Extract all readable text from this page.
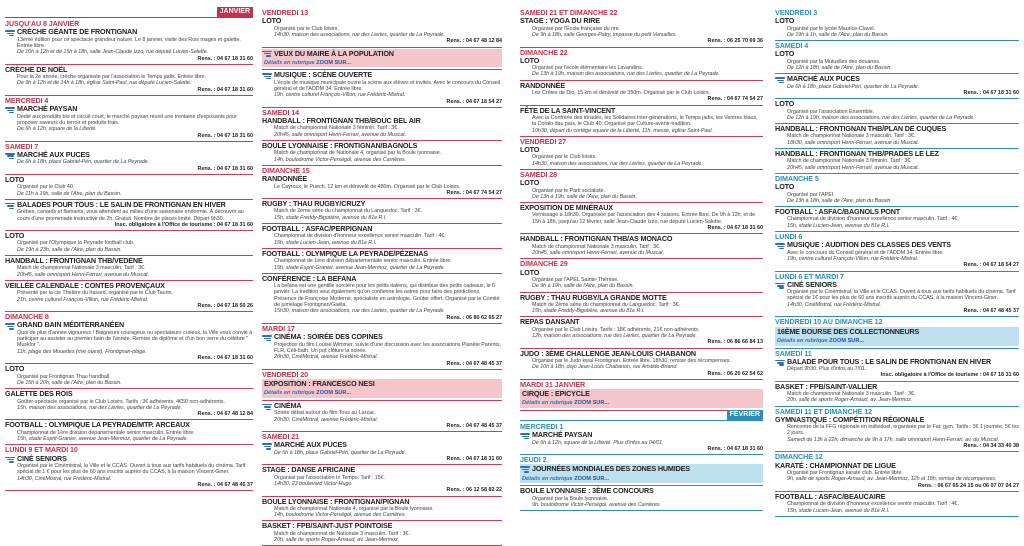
JANVIER
JUSQU'AU 8 JANVIER
CRÈCHE GÉANTE DE FRONTIGNAN
13ème édition pour ce spectacle grandeur nature. Le 8 janvier, visite des Rois mages et galette. Entrée libre.
De 10h à 12h et de 15h à 18h, salle Jean-Claude Izzo, rue député Lucien-Salette.
Rens. : 04 67 18 31 60
CRÈCHE DE NOËL
Pour la 2e année, crèche organisée par l'association le Temps jadis. Entrée libre.
De 9h à 12h et de 14h à 18h, église Saint-Paul, rue député Lucien-Salette.
Rens. : 04 67 18 31 60
MERCREDI 4
MARCHÉ PAYSAN
Dédié aux produits bio et circuit court, le marché paysan réunit une trentaine d'exposants pour proposer saveurs du terroir et produits frais.
De 6h à 12h, square de la Liberté.
Rens. : 04 67 18 31 60
SAMEDI 7
MARCHÉ AUX PUCES
De 6h à 18h, place Gabriel-Péri, quartier de La Peyrade.
Rens. : 04 67 18 31 60
LOTO
Organisé par le Club 40.
De 11h à 19h, salle de l'Aire, plan du Bassin.
BALADES POUR TOUS : LE SALIN DE FRONTIGNAN EN HIVER
Grèbes, canards et flamants, vous attendent au milieu d'une saisonaire endormie. À découvrir au cours d'une promenade instructive de 2h. Gratuit. Nombre de places limité. Départ 9h30.
Insc. obligatoire à l'Office de tourisme : 04 67 18 31 60
LOTO
Organisé par l'Olympique la Peyrade football club.
De 19h à 23h, salle de l'Aire, plan du Bassin.
HANDBALL : FRONTIGNAN THB/VEDENE
Match de championnat Nationale 3 masculin. Tarif : 3€.
20h45, salle omnisport Henri-Ferrari, avenue du Muscat.
VEILLÉE CALENDALE : CONTES PROVENÇAUX
Présenté par la cie Théâtre du hasard, organisé par le Club Taurin.
21h, centre culturel François-Villon, rue Frédéric-Mistral.
Rens. : 04 67 18 50 26
DIMANCHE 8
GRAND BAIN MÉDITERRANÉEN
Quoi de plus d'année vigoureux ! Baigneurs courageux ou spectateurs curieux, la Ville vous convie à participer au assister au premier bain de l'année. Remise de diplôme et d'un bon verre du célèbre " Musklor ".
11h, plage des Mouettes (rive ouest), Frontignan-plage.
Rens. : 04 67 18 31 60
LOTO
Organisé par Frontignan Thau handball.
De 15h à 20h, salle de l'Aire, plan du Bassin.
GALETTE DES ROIS
Goûter-spectacle organisé par le Club Loisirs. Tarifs : 3€ adhérents, 4€50 non-adhérents.
15h, maison des associations, rue des Lierles, quartier de La Peyrade.
Rens. : 04 67 48 12 84
FOOTBALL : OLYMPIQUE LA PEYRADE/MTP. ARCEAUX
Championnat de 1ère division départementale senior masculin. Entrée libre.
15h, stade Esprit-Granier, avenue Jean-Mermoz, quartier de La Peyrade.
LUNDI 9 ET MARDI 10
CINÉ SENIORS
Organisé par le Cinémistral, la Ville et le CCAS. Ouvert à tous aux tarifs habituels du cinéma. Tarif spécial de 1 € pour les plus de 60 ans inscrits auprès du CCAS, à la maison Vincent-Giner.
14h30, CinéMistral, rue Frédéric-Mistral.
Rens. : 04 67 48 45 37
VENDREDI 13
LOTO
Organisé par le Club loisirs.
14h30, maison des associations, rue des Lierles, quartier de La Peyrade.
Rens. : 04 67 48 12 84
VEUX DU MAIRE À LA POPULATION
Détails en rubrique ZOOM SUR...
MUSIQUE : SCÈNE OUVERTE
L'école de musique municipale ouvre la scène aux élèves et invités. Avec le concours du Conseil général et de l'ADDM 34. Entrée libre.
19h, centre culturel François-Villon, rue Frédéric-Mistral.
Rens. : 04 67 18 54 27
SAMEDI 14
HANDBALL : FRONTIGNAN THB/BOUC BEL AIR
Match de championnat Nationale 3 féminin. Tarif : 3€.
20h45, salle omnisport Henri-Ferrari, avenue du Muscat.
BOULE LYONNAISE : FRONTIGNAN/BAGNOLS
Match de championnat de Nationale 4, organisé par la Boule lyonnaise.
14h, boulodrome Victor-Perségol, avenue des Carrières.
DIMANCHE 15
RANDONNÉE
Le Cayroux, le Puech, 12 km et dénivelé de 480m. Organisé par le Club Loisirs.
Rens. : 04 67 74 54 27
RUGBY : THAU RUGBY/CRUZY
Match de 2ème série du championnat du Languedoc. Tarif : 3€.
15h, stade Freddy-Bigotière, avenue du 81e R.I.
FOOTBALL : ASFAC/PERPIGNAN
Championnat de division d'honneur excellence senior masculin. Tarif : 4€.
15h, stade Lucien-Jean, avenue du 81e R.I.
FOOTBALL : OLYMPIQUE LA PEYRADE/PÉZENAS
Championnat de 1ère division départementale senior masculin. Entrée libre.
15h, stade Esprit-Granier, avenue Jean-Mermoz, quartier de La Peyrade.
CONFÉRENCE : LA BEFANA
La befana est une gentille sorcière pour les petits italiens, qui distribue des petits cadeaux, le 6 janvier. La tradition veut également qu'on confienne les astres pour faire des prédictions. Présence de Françoise Moderne, spécialiste en astrologie. Goûter offert. Organisé par le Comité de jumelage Frontignan/Gaëta.
15h30, maison des associations, rue des Lierles, quartier de La Peyrade.
Rens. : 06 80 62 65 27
MARDI 17
CINÉMA : SOIRÉE DES COPINES
Projection du film Louise Wimmer, suivie d'une discussion avec les associations Planète Parents, FLR, Céli-bath. Un pot clôture la soirée.
20h30, CinéMistral, avenue Frédéric-Mistral.
Rens. : 04 67 48 45 37
VENDREDI 20
EXPOSITION : FRANCESCO NESI
Détails en rubrique ZOOM SUR...
CINÉMA
Soirée débat autour du film Tous au Larzac.
20h30, CinéMistral, avenue Frédéric-Mistral.
Rens. : 04 67 48 45 37
SAMEDI 21
MARCHÉ AUX PUCES
De 6h à 18h, place Gabriel-Péri, quartier de La Peyrade.
Rens. : 04 67 18 31 60
STAGE : DANSE AFRICAINE
Organisé par l'association In Tempo. Tarif : 15€.
14h30, 23 boulevard Victor-Hugo.
Rens. : 06 12 58 82 22
BOULE LYONNAISE : FRONTIGNAN/PIGNAN
Match de championnat Nationale 4, organisé par la Boule lyonnaise.
14h, boulodrome Victor-Perségol, avenue des Carrières.
BASKET : FPB/SAINT-JUST POINTOISE
Match de championnat de Nationale 3 masculin. Tarif : 3€.
20h, salle de sports Roger-Arnaud, av. Jean-Mermoz.
SAMEDI 21 ET DIMANCHE 22
STAGE : YOGA DU RIRE
Organisé par l'École française du rire.
De 9h à 18h, salle Georges-Patry, impasse du petit Versailles.
Rens. : 06 25 70 69 36
DIMANCHE 22
LOTO
Organisé par l'école élémentaire les Lavandins.
De 13h à 19h, maison des associations, rue des Lierles, quartier de La Peyrade.
RANDONNÉE
Les Crêtes de Dio, 15 km et dénivelé de 350m. Organisé par le Club Loisirs.
Rens. : 04 67 74 54 27
FÊTE DE LA SAINT-VINCENT
Avec la Confrérie des torades, les Solidaires inter-générations, le Temps jadis, les Ventres blaus, la Coralo dau païs, le Club 40. Organisé par Culture-avenir-tradition.
10h30, départ du cortège square de la Liberté, 11h, messe, église Saint-Paul.
VENDREDI 27
LOTO
Organisé par le Club loisirs.
14h30, maison des associations, rue des Lierles, quartier de La Peyrade.
SAMEDI 28
LOTO
Organisé par le Parti socialiste.
De 13h à 19h, salle de l'Aire, plan du Bassin.
EXPOSITION DE MINÉRAUX
Vernissage à 18h30. Organisée par l'association des 4 saisons. Entrée libre. De 9h à 12h, et de 15h à 18h, jusqu'au 12 février, salle Jean-Claude Izzo, rue député Lucien-Salette.
Rens. : 04 67 18 31 60
HANDBALL : FRONTIGNAN THB/AS MONACO
Match de championnat Nationale 3 masculin. Tarif : 3€.
20h45, salle omnisport Henri-Ferrari, avenue du Muscat.
DIMANCHE 29
LOTO
Organisé par l'APEL Sainte-Thérèse.
De 9h à 19h, salle de l'Aire, plan du Bassin.
RUGBY : THAU RUGBY/LA GRANDE MOTTE
Match de 2ème série du championnat du Languedoc. Tarif : 3€.
15h, stade Freddy-Bigotière, avenue du 81e R.I.
REPAS DANSANT
Organisé par le Club Loisirs. Tarifs : 18€ adhérents, 21€ non-adhérents.
12h, maison des associations, rue des Lierles, quartier de La Peyrade.
Rens. : 06 86 66 84 13
JUDO : 3ÈME CHALLENGE JEAN-LOUIS CHABANON
Organisé par le Judo kwai Frontignan. Entrée libre. 18h30, remise des récompenses.
De 10h à 18h, dojo Jean-Louis Chabanon, rue Aristide-Briand.
Rens. : 06 20 62 54 62
MARDI 31 JANVIER
CIRQUE : EPICYCLE
Détails en rubrique ZOOM SUR...
FÉVRIER
MERCREDI 1
MARCHÉ PAYSAN
De 6h à 12h, square de la Liberté. Plus d'infos au 04/01.
Rens. : 04 67 18 31 60
JEUDI 2
JOURNÉES MONDIALES DES ZONES HUMIDES
Détails en rubrique ZOOM SUR...
BOULE LYONNAISE : 3ÈME CONCOURS
Organisé par la Boule lyonnaise.
9h, boulodrome Victor-Perségol, avenue des Carrières.
VENDREDI 3
LOTO
Organisé par le lycée Maurice-Clavel.
De 19h à 1h, salle de l'Aire, plan du Bassin.
SAMEDI 4
LOTO
Organisé par la Mutuelles des douanes.
De 12h à 18h, salle de l'Aire, plan du Bassin.
MARCHÉ AUX PUCES
De 6h à 18h, place Gabriel-Péri, quartier de La Peyrade.
Rens. : 04 67 18 31 60
LOTO
Organisé par l'association Ensemble.
De 12h à 19h, maison des associations, rue des Lierles, quartier de La Peyrade.
HANDBALL : FRONTIGNAN THB/PLAN DE CUQUES
Match de championnat Nationale 3 masculin. Tarif : 3€.
18h30, salle omnisport Henri-Ferrari, avenue du Muscat.
HANDBALL : FRONTIGNAN THB/PRADES LE LEZ
Match de championnat Nationale 3 féminin. Tarif : 3€.
20h45, salle omnisport Henri-Ferrari, avenue du Muscat.
DIMANCHE 5
LOTO
Organisé par l'APEI.
De 13h à 18h, salle de l'Aire, plan du Bassin.
FOOTBALL : ASFAC/BAGNOLS PONT
Championnat de division d'honneur excellence senior masculin. Tarif : 4€.
15h, stade Lucien-Jean, avenue du 81e R.I.
LUNDI 6
MUSIQUE : AUDITION DES CLASSES DES VENTS
Avec le concours du Conseil général et de l'ADDM 34. Entrée libre.
19h, centre culturel François-Villon, rue Frédéric-Mistral.
Rens. : 04 67 18 54 27
LUNDI 6 ET MARDI 7
CINÉ SENIORS
Organisé par le Cinémistral, la Ville et le CCAS. Ouvert à tous aux tarifs habituels du cinéma. Tarif spécial de 1€ pour les plus de 60 ans inscrits auprès du CCAS, à la maison Vincent-Giner.
14h30, CinéMistral, rue Frédéric-Mistral.
Rens. : 04 67 48 45 37
VENDREDI 10 AU DIMANCHE 12
16ÈME BOURSE DES COLLECTIONNEURS
Détails en rubrique ZOOM SUR...
SAMEDI 11
BALADE POUR TOUS : LE SALIN DE FRONTIGNAN EN HIVER
Départ 9h30. Plus d'infos au 7/01.
Insc. obligatoire à l'Office de tourisme : 04 67 18 31 60
BASKET : FPB/SAINT-VALLIER
Match de championnat Nationale 3 masculin. Tarif : 3€.
20h, salle de sports Roger-Arnaud, av. Jean-Mermoz.
SAMEDI 11 ET DIMANCHE 12
GYMNASTIQUE : COMPÉTITION RÉGIONALE
Rencontre de la FFG régionale en individuel, organisée par le Fac gym. Tarifs : 3€ 1 journée, 5€ les 2 jours.
Samedi de 13h à 22h, dimanche de 9h à 17h, salle omnisport Henri-Ferrari, av. du Muscat.
Rens. : 04 34 33 40 38
DIMANCHE 12
KARATÉ : CHAMPIONNAT DE LIGUE
Organisé par Frontignan karaté club. Entrée libre.
9h, salle de sports Roger-Arnaud, av. Jean-Mermoz, 12h et 18h, remise de récompenses.
Rens. : 06 67 65 24 15 ou 06 07 07 04 27
FOOTBALL : ASFAC/BEAUCAIRE
Championnat de division d'honneur excellence senior masculin. Tarif : 4€.
15h, stade Lucien-Jean, avenue du 81e R.I.
